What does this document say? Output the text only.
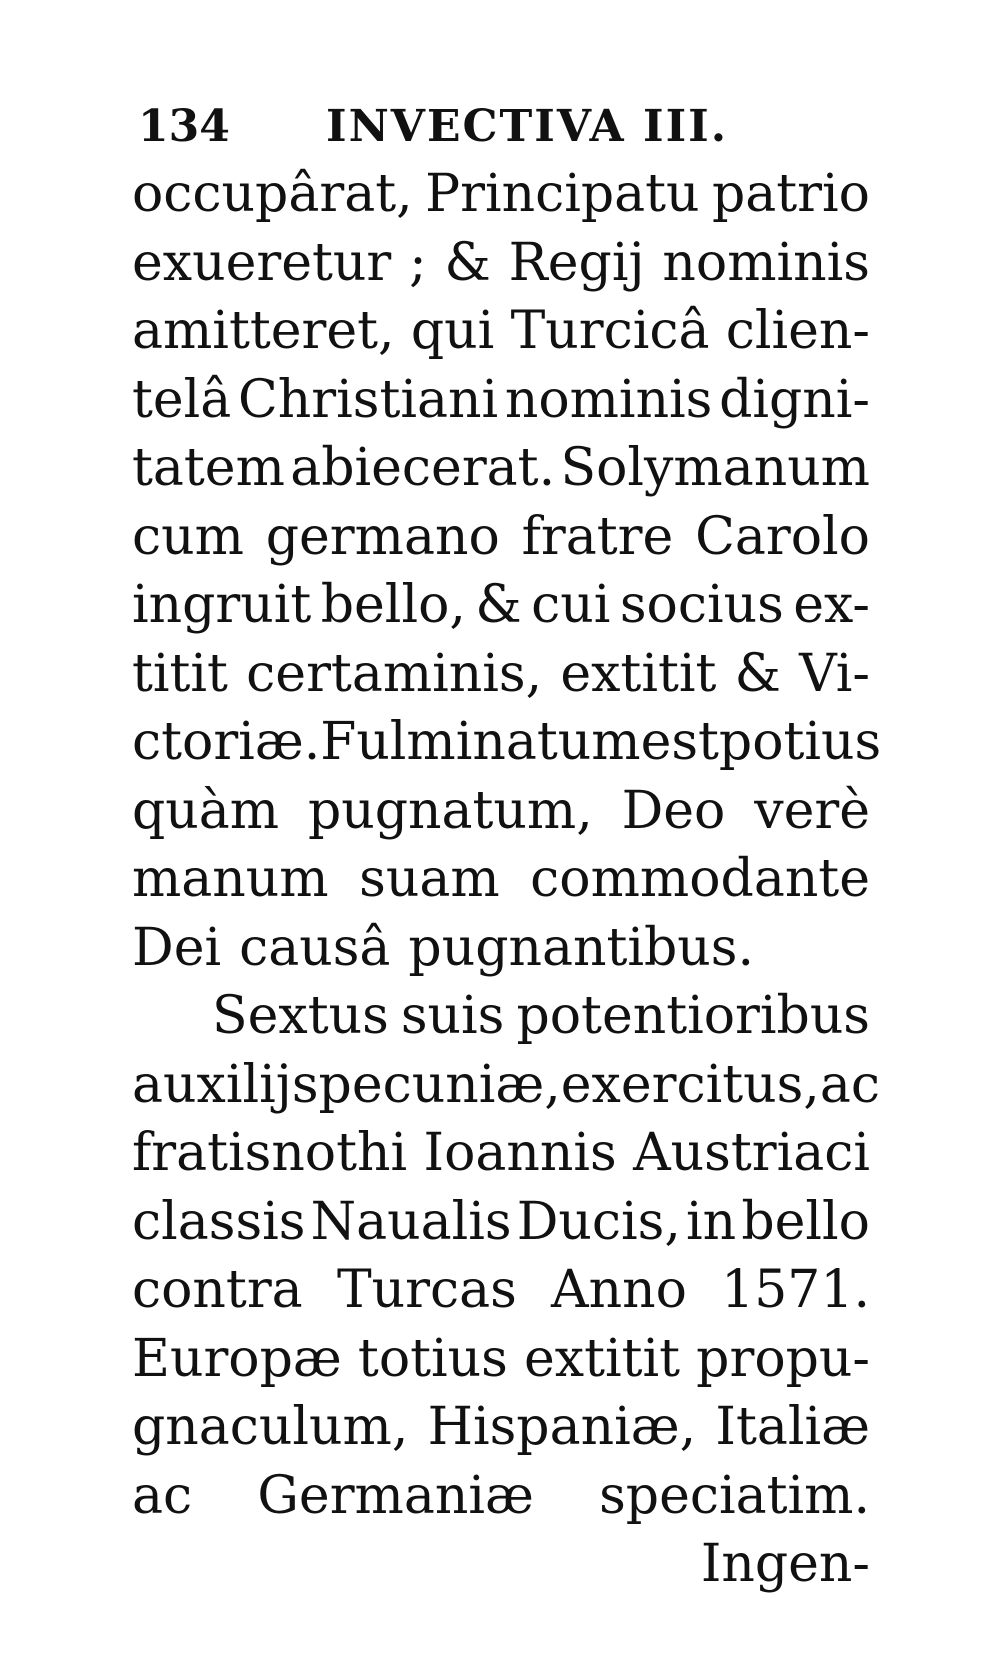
134 INVECTIVA III.
occupârat, Principatu patrio
exueretur ; & Regij nominis
amitteret, qui Turcicâ clien-
telâ Christiani nominis digni-
tatem abiecerat. Solymanum
cum germano fratre Carolo
ingruit bello, & cui socius ex-
titit certaminis, extitit & Vi-
ctoriæ. Fulminatum est potius
quàm pugnatum, Deo verè
manum suam commodante
Dei causâ pugnantibus.
Sextus suis potentioribus
auxilijs pecuniæ, exercitus, ac
fratisnothi Ioannis Austriaci
classis Naualis Ducis, in bello
contra Turcas Anno 1571.
Europæ totius extitit propu-
gnaculum, Hispaniæ, Italiæ
ac Germaniæ speciatim.
Ingen-
